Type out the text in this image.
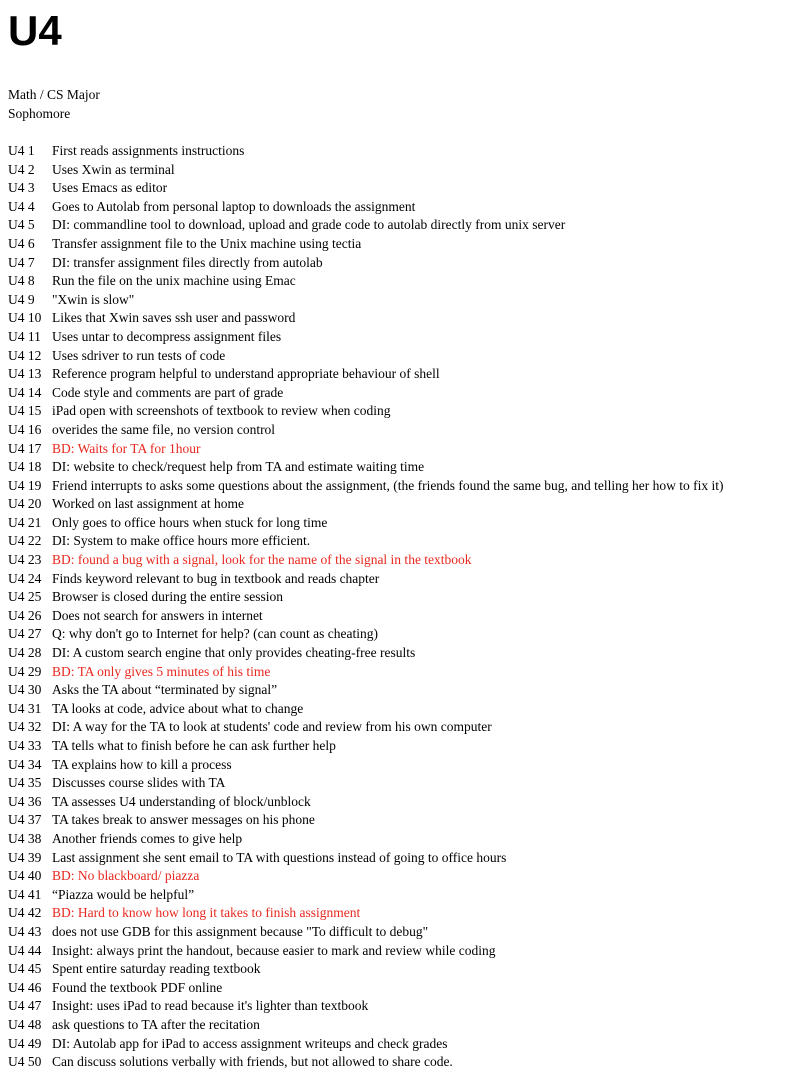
U4
Math / CS Major
Sophomore
U4 1	First reads assignments instructions
U4 2	Uses Xwin as terminal
U4 3	Uses Emacs as editor
U4 4	Goes to Autolab from personal laptop to downloads the assignment
U4 5	DI: commandline tool to download, upload and grade code to autolab directly from unix server
U4 6	Transfer assignment file to the Unix machine using tectia
U4 7	DI: transfer assignment files directly from autolab
U4 8	Run the file on the unix machine using Emac
U4 9	"Xwin is slow"
U4 10 Likes that Xwin saves ssh user and password
U4 11 Uses untar to decompress assignment files
U4 12 Uses sdriver to run tests of code
U4 13 Reference program helpful to understand appropriate behaviour of shell
U4 14 Code style and comments are part of grade
U4 15 iPad open with screenshots of textbook to review when coding
U4 16 overides the same file, no version control
U4 17 BD: Waits for TA for 1hour
U4 18 DI: website to check/request help from TA and estimate waiting time
U4 19 Friend interrupts to asks some questions about the assignment, (the friends found the same bug, and telling her how to fix it)
U4 20 Worked on last assignment at home
U4 21 Only goes to office hours when stuck for long time
U4 22 DI: System to make office hours more efficient.
U4 23 BD: found a bug with a signal, look for the name of the signal in the textbook
U4 24 Finds keyword relevant to bug in textbook and reads chapter
U4 25 Browser is closed during the entire session
U4 26 Does not search for answers in internet
U4 27 Q: why don't go to Internet for help? (can count as cheating)
U4 28 DI: A custom search engine that only provides cheating-free results
U4 29 BD: TA only gives 5 minutes of his time
U4 30 Asks the TA about “terminated by signal”
U4 31 TA looks at code, advice about what to change
U4 32 DI: A way for the TA to look at students' code and review from his own computer
U4 33 TA tells what to finish before he can ask further help
U4 34 TA explains how to kill a process
U4 35 Discusses course slides with TA
U4 36 TA assesses U4 understanding of block/unblock
U4 37 TA takes break to answer messages on his phone
U4 38 Another friends comes to give help
U4 39 Last assignment she sent email to TA with questions instead of going to office hours
U4 40 BD: No blackboard/ piazza
U4 41 “Piazza would be helpful”
U4 42 BD: Hard to know how long it takes to finish assignment
U4 43 does not use GDB for this assignment because "To difficult to debug"
U4 44 Insight: always print the handout, because easier to mark and review while coding
U4 45 Spent entire saturday reading textbook
U4 46 Found the textbook PDF online
U4 47 Insight: uses iPad to read because it's lighter than textbook
U4 48 ask questions to TA after the recitation
U4 49 DI: Autolab app for iPad to access assignment writeups and check grades
U4 50 Can discuss solutions verbally with friends, but not allowed to share code.
